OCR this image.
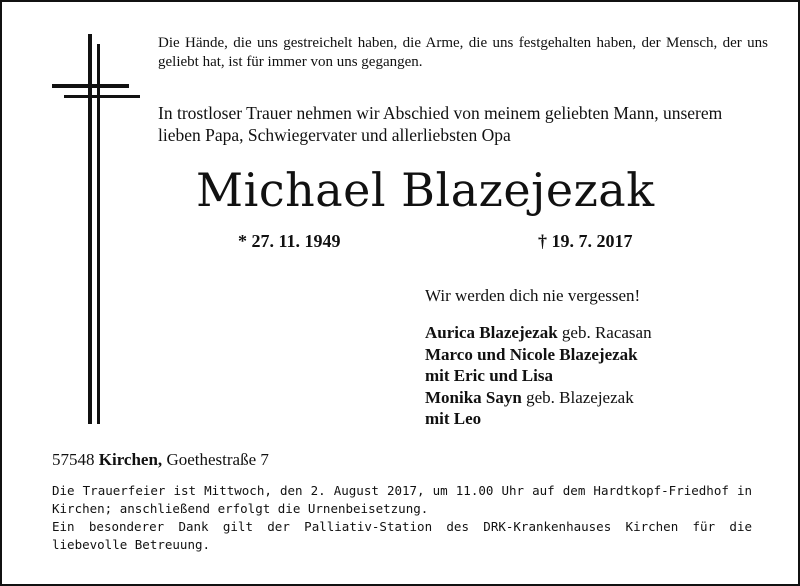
Die Hände, die uns gestreichelt haben, die Arme, die uns festgehalten haben, der Mensch, der uns geliebt hat, ist für immer von uns gegangen.
In trostloser Trauer nehmen wir Abschied von meinem geliebten Mann, unserem lieben Papa, Schwiegervater und allerliebsten Opa
Michael Blazejezak
* 27. 11. 1949	† 19. 7. 2017
Wir werden dich nie vergessen!
Aurica Blazejezak geb. Racasan
Marco und Nicole Blazejezak
mit Eric und Lisa
Monika Sayn geb. Blazejezak
mit Leo
57548 Kirchen, Goethestraße 7

Die Trauerfeier ist Mittwoch, den 2. August 2017, um 11.00 Uhr auf dem Hardtkopf-Friedhof in Kirchen; anschließend erfolgt die Urnenbeisetzung.

Ein besonderer Dank gilt der Palliativ-Station des DRK-Krankenhauses Kirchen für die liebevolle Betreuung.
